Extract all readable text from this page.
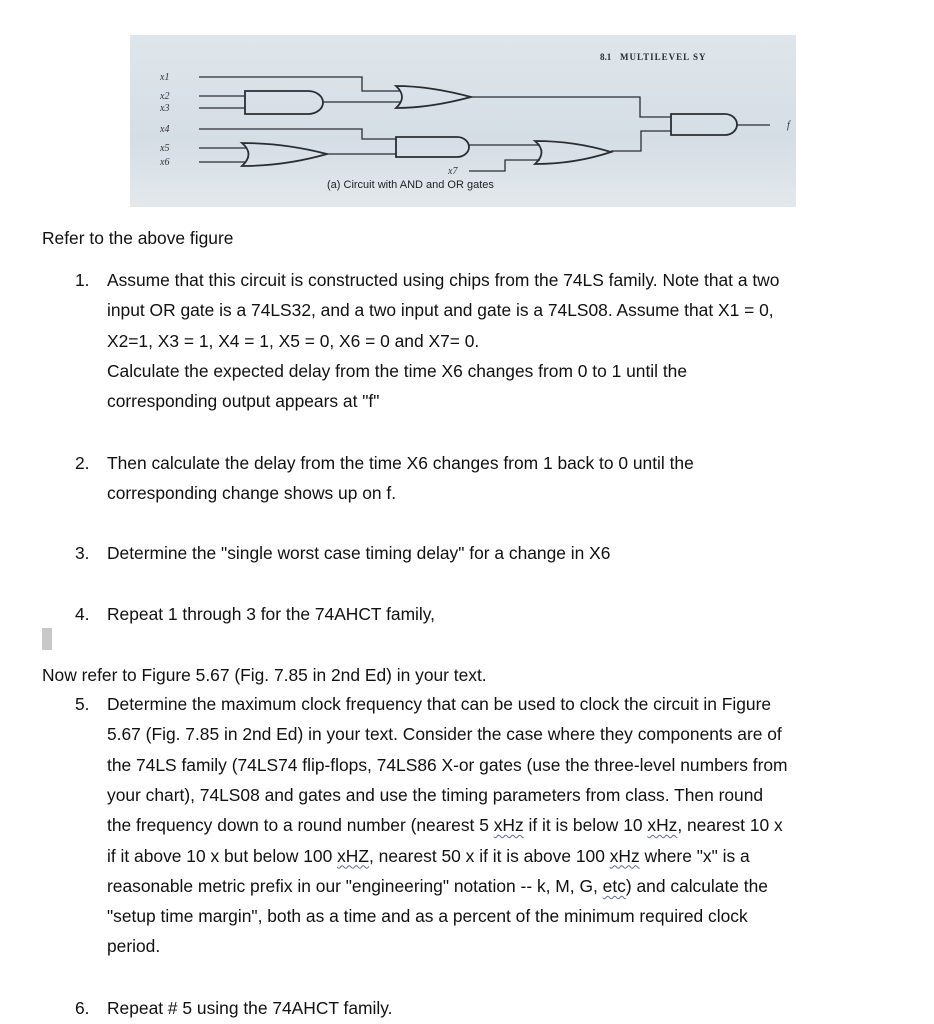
8.1 MULTILEVEL SY
x1
x2
x3
x4
x5
x6
x7
f
(a) Circuit with AND and OR gates
Refer to the above figure
1. Assume that this circuit is constructed using chips from the 74LS family. Note that a two
input OR gate is a 74LS32, and a two input and gate is a 74LS08. Assume that X1 = 0,
X2=1, X3 = 1, X4 = 1, X5 = 0, X6 = 0 and X7= 0.
Calculate the expected delay from the time X6 changes from 0 to 1 until the
corresponding output appears at "f"
2. Then calculate the delay from the time X6 changes from 1 back to 0 until the
corresponding change shows up on f.
3. Determine the "single worst case timing delay" for a change in X6
4. Repeat 1 through 3 for the 74AHCT family,
Now refer to Figure 5.67 (Fig. 7.85 in 2nd Ed) in your text.
5. Determine the maximum clock frequency that can be used to clock the circuit in Figure
5.67 (Fig. 7.85 in 2nd Ed) in your text. Consider the case where they components are of
the 74LS family (74LS74 flip-flops, 74LS86 X-or gates (use the three-level numbers from
your chart), 74LS08 and gates and use the timing parameters from class. Then round
the frequency down to a round number (nearest 5 xHz if it is below 10 xHz, nearest 10 x
if it above 10 x but below 100 xHZ, nearest 50 x if it is above 100 xHz where "x" is a
reasonable metric prefix in our "engineering" notation -- k, M, G, etc) and calculate the
"setup time margin", both as a time and as a percent of the minimum required clock
period.
6. Repeat # 5 using the 74AHCT family.
